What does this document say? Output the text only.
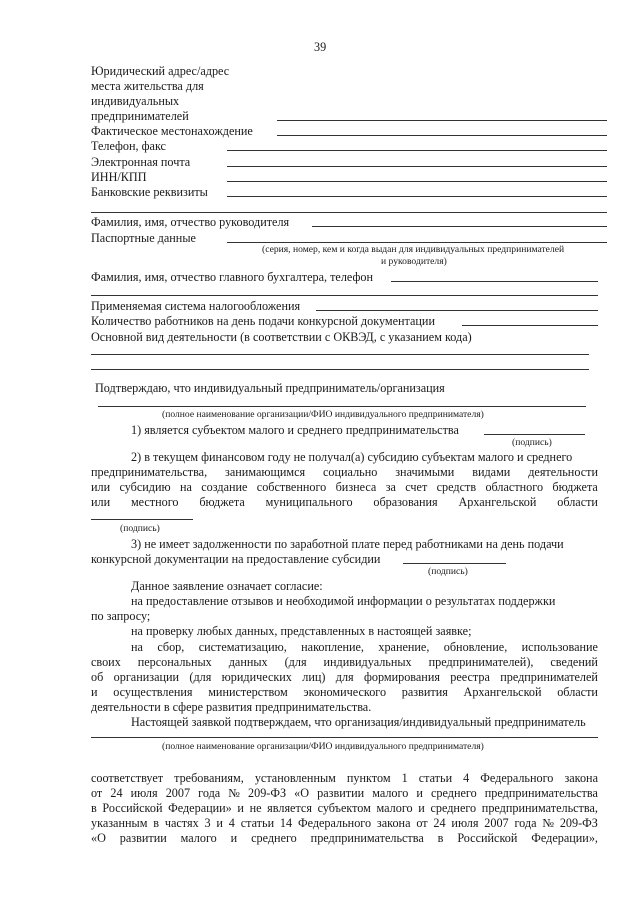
39
Юридический адрес/адрес
места жительства для
индивидуальных
предпринимателей
Фактическое местонахождение
Телефон, факс
Электронная почта
ИНН/КПП
Банковские реквизиты
Фамилия, имя, отчество руководителя
Паспортные данные
(серия, номер, кем и когда выдан для индивидуальных предпринимателей
и руководителя)
Фамилия, имя, отчество главного бухгалтера, телефон
Применяемая система налогообложения
Количество работников на день подачи конкурсной документации
Основной вид деятельности (в соответствии с ОКВЭД, с указанием кода)
Подтверждаю, что индивидуальный предприниматель/организация
(полное наименование организации/ФИО индивидуального предпринимателя)
1) является субъектом малого и среднего предпринимательства
(подпись)
2) в текущем финансовом году не получал(а) субсидию субъектам малого и среднего
предпринимательства, занимающимся социально значимыми видами деятельности
или субсидию на создание собственного бизнеса за счет средств областного бюджета
или местного бюджета муниципального образования Архангельской области
(подпись)
3) не имеет задолженности по заработной плате перед работниками на день подачи
конкурсной документации на предоставление субсидии
(подпись)
Данное заявление означает согласие:
на предоставление отзывов и необходимой информации о результатах поддержки
по запросу;
на проверку любых данных, представленных в настоящей заявке;
на сбор, систематизацию, накопление, хранение, обновление, использование
своих персональных данных (для индивидуальных предпринимателей), сведений
об организации (для юридических лиц) для формирования реестра предпринимателей
и осуществления министерством экономического развития Архангельской области
деятельности в сфере развития предпринимательства.
Настоящей заявкой подтверждаем, что организация/индивидуальный предприниматель
(полное наименование организации/ФИО индивидуального предпринимателя)
соответствует требованиям, установленным пунктом 1 статьи 4 Федерального закона
от 24 июля 2007 года № 209-ФЗ «О развитии малого и среднего предпринимательства
в Российской Федерации» и не является субъектом малого и среднего предпринимательства,
указанным в частях 3 и 4 статьи 14 Федерального закона от 24 июля 2007 года № 209-ФЗ
«О развитии малого и среднего предпринимательства в Российской Федерации»,
